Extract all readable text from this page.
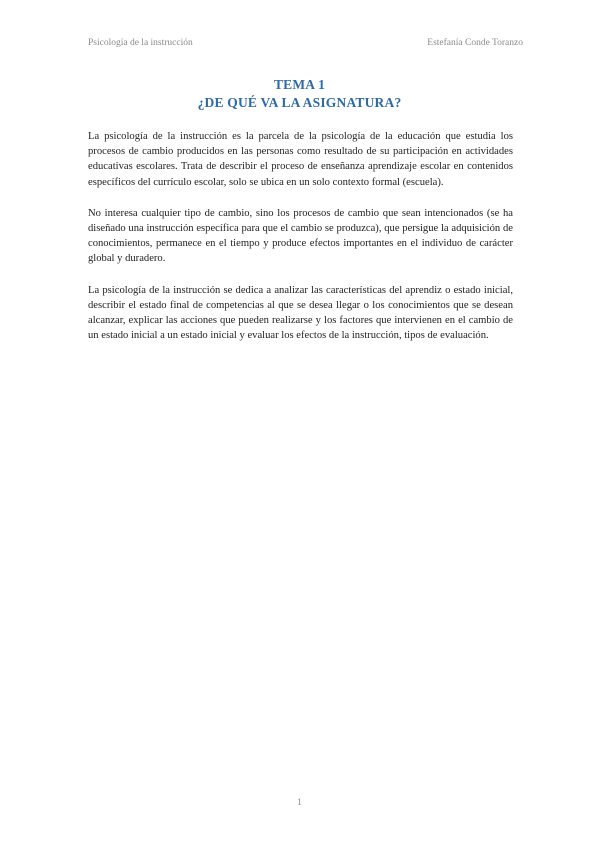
Psicología de la instrucción	Estefanía Conde Toranzo
TEMA 1
¿DE QUÉ VA LA ASIGNATURA?

La psicología de la instrucción es la parcela de la psicología de la educación que estudia los procesos de cambio producidos en las personas como resultado de su participación en actividades educativas escolares. Trata de describir el proceso de enseñanza aprendizaje escolar en contenidos específicos del currículo escolar, solo se ubica en un solo contexto formal (escuela).

No interesa cualquier tipo de cambio, sino los procesos de cambio que sean intencionados (se ha diseñado una instrucción específica para que el cambio se produzca), que persigue la adquisición de conocimientos, permanece en el tiempo y produce efectos importantes en el individuo de carácter global y duradero.

La psicología de la instrucción se dedica a analizar las características del aprendiz o estado inicial, describir el estado final de competencias al que se desea llegar o los conocimientos que se desean alcanzar, explicar las acciones que pueden realizarse y los factores que intervienen en el cambio de un estado inicial a un estado inicial y evaluar los efectos de la instrucción, tipos de evaluación.

1
